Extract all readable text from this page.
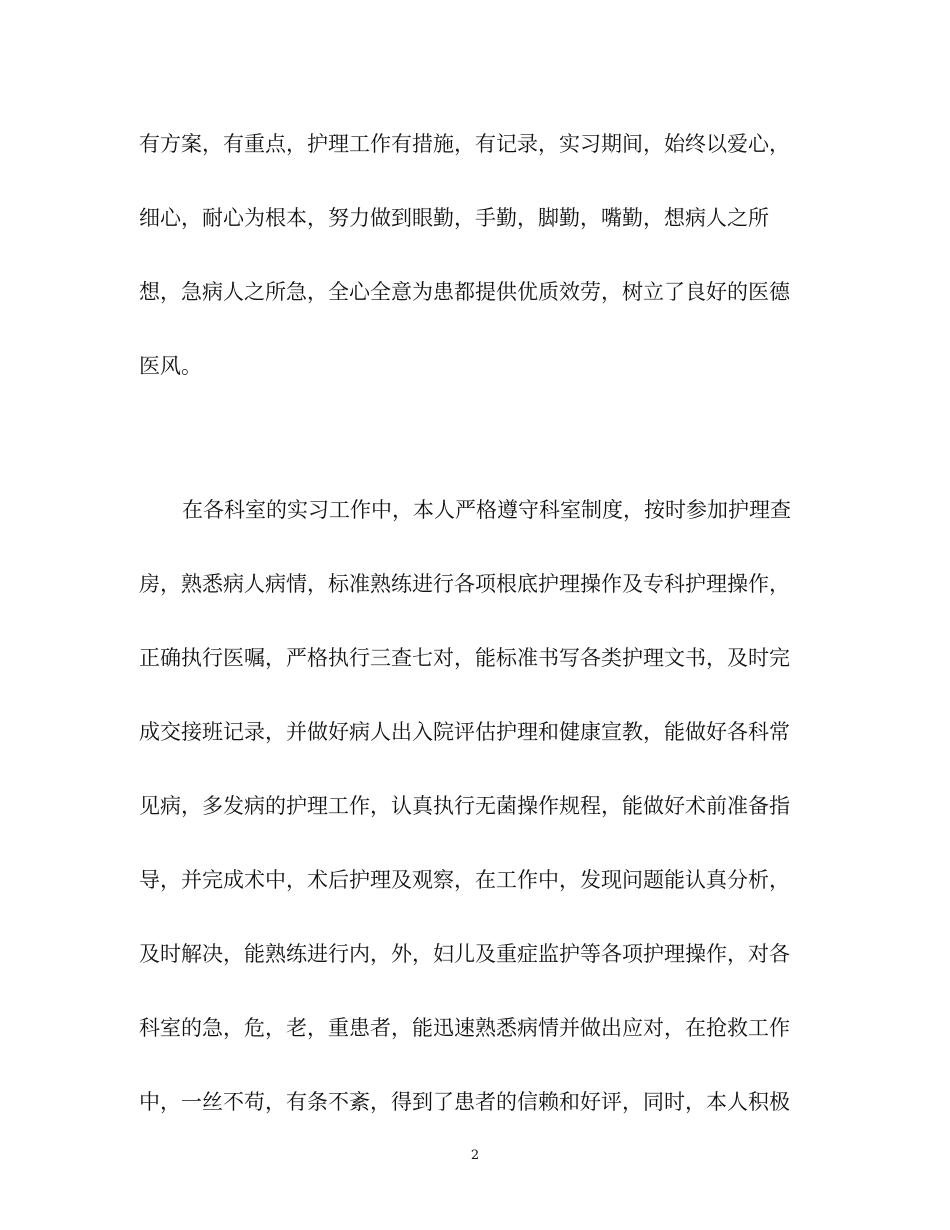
有方案，有重点，护理工作有措施，有记录，实习期间，始终以爱心，
细心，耐心为根本，努力做到眼勤，手勤，脚勤，嘴勤，想病人之所
想，急病人之所急，全心全意为患都提供优质效劳，树立了良好的医德
医风。
在各科室的实习工作中，本人严格遵守科室制度，按时参加护理查
房，熟悉病人病情，标准熟练进行各项根底护理操作及专科护理操作，
正确执行医嘱，严格执行三查七对，能标准书写各类护理文书，及时完
成交接班记录，并做好病人出入院评估护理和健康宣教，能做好各科常
见病，多发病的护理工作，认真执行无菌操作规程，能做好术前准备指
导，并完成术中，术后护理及观察，在工作中，发现问题能认真分析，
及时解决，能熟练进行内，外，妇儿及重症监护等各项护理操作，对各
科室的急，危，老，重患者，能迅速熟悉病情并做出应对，在抢救工作
中，一丝不苟，有条不紊，得到了患者的信赖和好评，同时，本人积极
2
